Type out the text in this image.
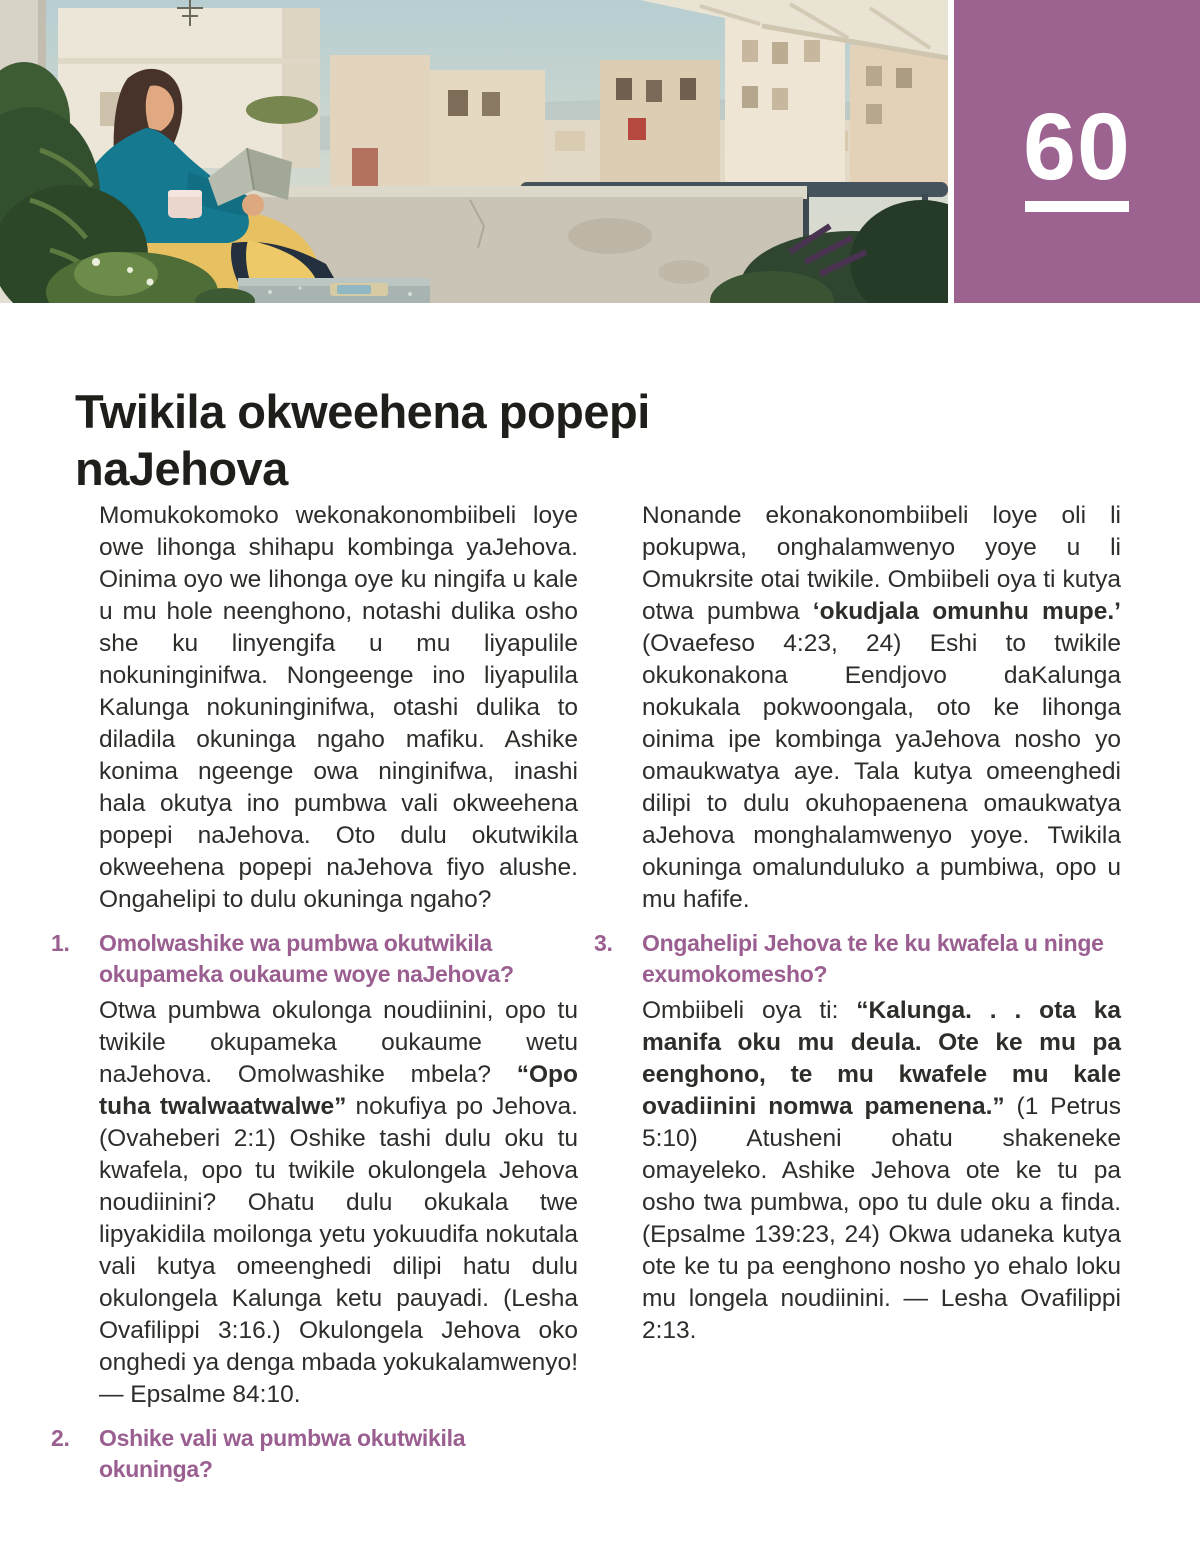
60
Twikila okweehena popepi naJehova

Momukokomoko wekonakonombiibeli loye owe lihonga shihapu kombinga yaJehova. Oinima oyo we lihonga oye ku ningifa u kale u mu hole neenghono, notashi dulika osho she ku linyengifa u mu liyapulile nokuninginifwa. Nongeenge ino liyapulila Kalunga nokuninginifwa, otashi dulika to diladila okuninga ngaho mafiku. Ashike konima ngeenge owa ninginifwa, inashi hala okutya ino pumbwa vali okweehena popepi naJehova. Oto dulu okutwikila okweehena popepi naJehova fiyo alushe. Ongahelipi to dulu okuninga ngaho?

1. Omolwashike wa pumbwa okutwikila okupameka oukaume woye naJehova?

Otwa pumbwa okulonga noudiinini, opo tu twikile okupameka oukaume wetu naJehova. Omolwashike mbela? “Opo tuha twalwaatwalwe” nokufiya po Jehova. (Ovaheberi 2:1) Oshike tashi dulu oku tu kwafela, opo tu twikile okulongela Jehova noudiinini? Ohatu dulu okukala twe lipyakidila moilonga yetu yokuudifa nokutala vali kutya omeenghedi dilipi hatu dulu okulongela Kalunga ketu pauyadi. (Lesha Ovafilippi 3:16.) Okulongela Jehova oko onghedi ya denga mbada yokukalamwenyo! — Epsalme 84:10.

2. Oshike vali wa pumbwa okutwikila okuninga?

Nonande ekonakonombiibeli loye oli li pokupwa, onghalamwenyo yoye u li Omukrsite otai twikile. Ombiibeli oya ti kutya otwa pumbwa ‘okudjala omunhu mupe.’ (Ovaefeso 4:23, 24) Eshi to twikile okukonakona Eendjovo daKalunga nokukala pokwoongala, oto ke lihonga oinima ipe kombinga yaJehova nosho yo omaukwatya aye. Tala kutya omeenghedi dilipi to dulu okuhopaenena omaukwatya aJehova monghalamwenyo yoye. Twikila okuninga omalunduluko a pumbiwa, opo u mu hafife.

3. Ongahelipi Jehova te ke ku kwafela u ninge exumokomesho?

Ombiibeli oya ti: “Kalunga. . . ota ka manifa oku mu deula. Ote ke mu pa eenghono, te mu kwafele mu kale ovadiinini nomwa pamenena.” (1 Petrus 5:10) Atusheni ohatu shakeneke omayeleko. Ashike Jehova ote ke tu pa osho twa pumbwa, opo tu dule oku a finda. (Epsalme 139:23, 24) Okwa udaneka kutya ote ke tu pa eenghono nosho yo ehalo loku mu longela noudiinini. — Lesha Ovafilippi 2:13.
